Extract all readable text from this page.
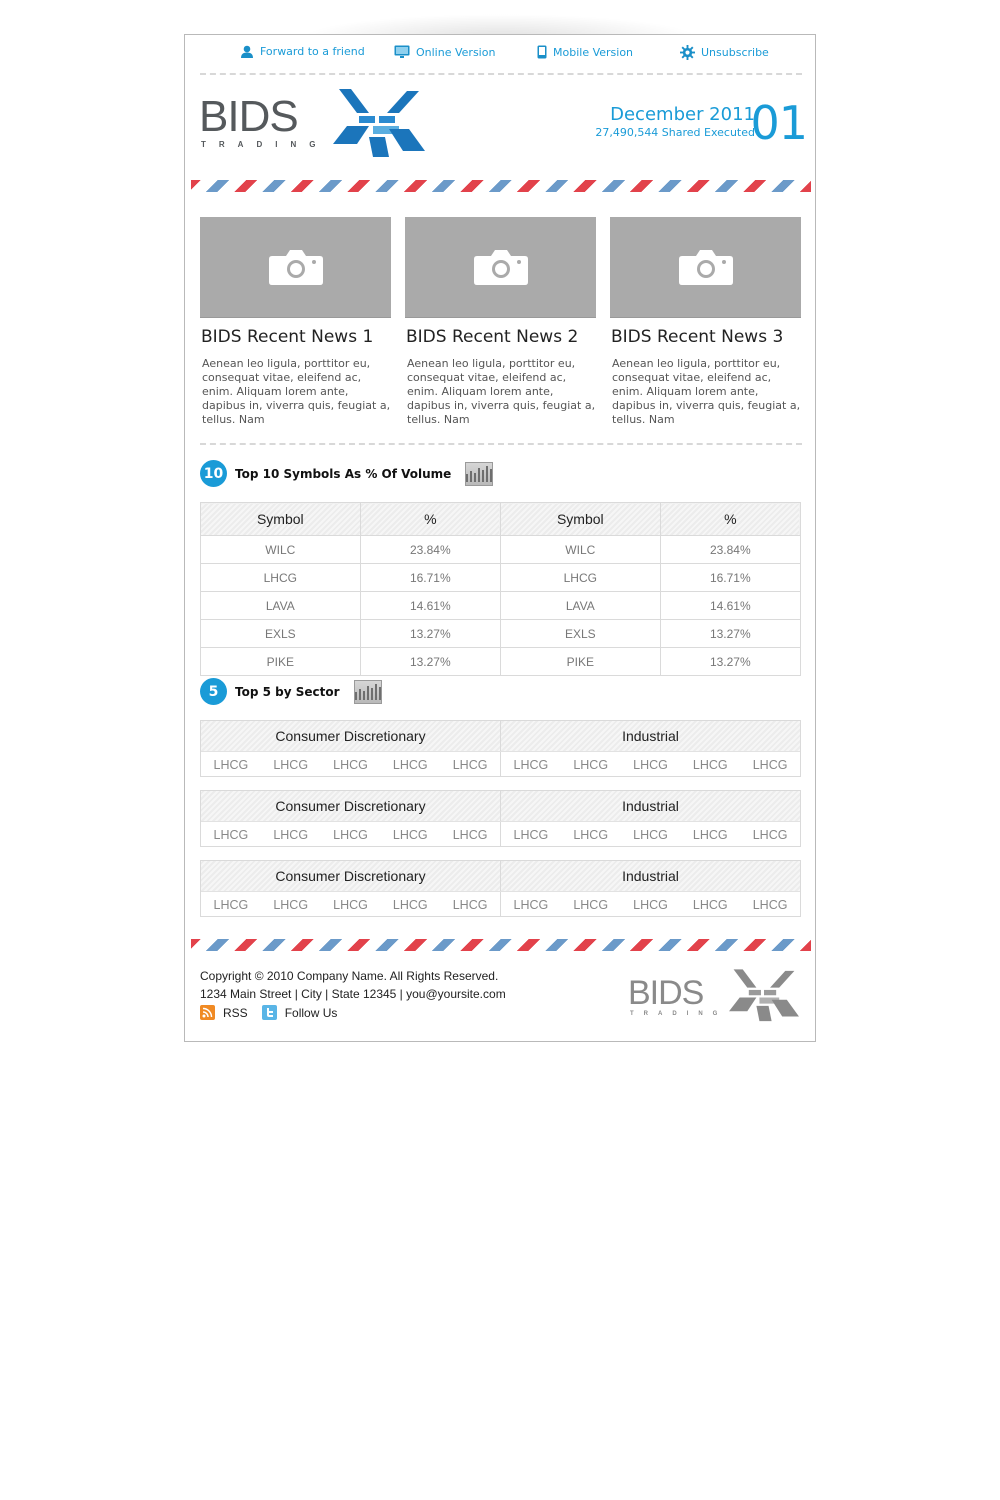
Forward to a friend	Online Version	Mobile Version	Unsubscribe
BIDS
TRADING
December 2011
27,490,544 Shared Executed
01
BIDS Recent News 1

Aenean leo ligula, porttitor eu, consequat vitae, eleifend ac, enim. Aliquam lorem ante, dapibus in, viverra quis, feugiat a, tellus. Nam

BIDS Recent News 2

Aenean leo ligula, porttitor eu, consequat vitae, eleifend ac, enim. Aliquam lorem ante, dapibus in, viverra quis, feugiat a, tellus. Nam

BIDS Recent News 3

Aenean leo ligula, porttitor eu, consequat vitae, eleifend ac, enim. Aliquam lorem ante, dapibus in, viverra quis, feugiat a, tellus. Nam

10 Top 10 Symbols As % Of Volume
Symbol	%	Symbol	%
WILC	23.84%	WILC	23.84%
LHCG	16.71%	LHCG	16.71%
LAVA	14.61%	LAVA	14.61%
EXLS	13.27%	EXLS	13.27%
PIKE	13.27%	PIKE	13.27%
5	Top 5 by Sector
Consumer Discretionary	Industrial
LHCG LHCG LHCG LHCG LHCG LHCG LHCG LHCG LHCG LHCG
Consumer Discretionary	Industrial
LHCG LHCG LHCG LHCG LHCG LHCG LHCG LHCG LHCG LHCG
Consumer Discretionary	Industrial
LHCG LHCG LHCG LHCG LHCG LHCG LHCG LHCG LHCG LHCG
Copyright © 2010 Company Name. All Rights Reserved.
1234 Main Street | City | State 12345 | you@yoursite.com
RSS	Follow Us
BIDS
TRADING
